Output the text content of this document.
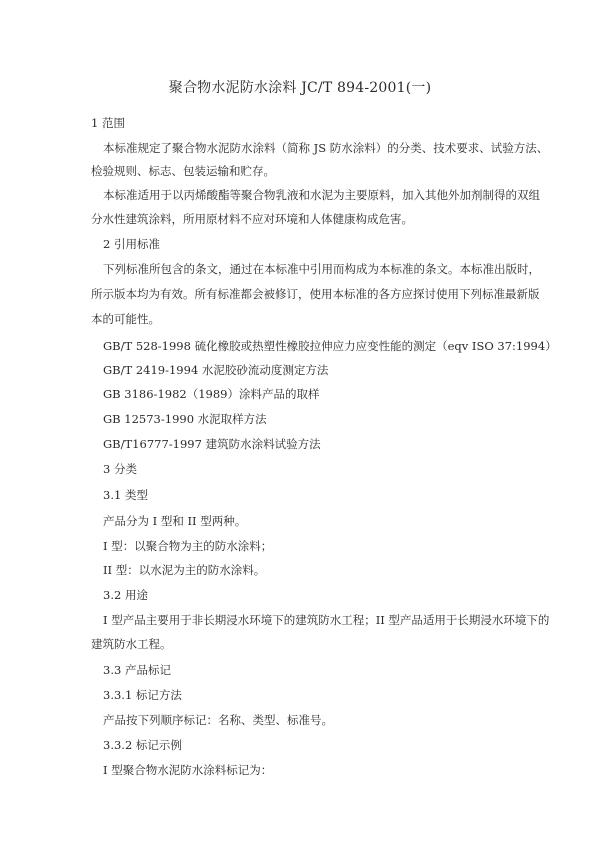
聚合物水泥防水涂料 JC/T 894-2001(一)
1 范围
本标准规定了聚合物水泥防水涂料（简称 JS 防水涂料）的分类、技术要求、试验方法、
检验规则、标志、包装运输和贮存。
本标准适用于以丙烯酸酯等聚合物乳液和水泥为主要原料，加入其他外加剂制得的双组
分水性建筑涂料，所用原材料不应对环境和人体健康构成危害。
2 引用标准
下列标准所包含的条文，通过在本标准中引用而构成为本标准的条文。本标准出版时，
所示版本均为有效。所有标准都会被修订，使用本标准的各方应探讨使用下列标准最新版
本的可能性。
GB/T 528-1998 硫化橡胶或热塑性橡胶拉伸应力应变性能的测定（eqv ISO 37:1994）
GB/T 2419-1994 水泥胶砂流动度测定方法
GB 3186-1982（1989）涂料产品的取样
GB 12573-1990 水泥取样方法
GB/T16777-1997 建筑防水涂料试验方法
3 分类
3.1 类型
产品分为 I 型和 II 型两种。
I 型：以聚合物为主的防水涂料；
II 型：以水泥为主的防水涂料。
3.2 用途
I 型产品主要用于非长期浸水环境下的建筑防水工程；II 型产品适用于长期浸水环境下的
建筑防水工程。
3.3 产品标记
3.3.1 标记方法
产品按下列顺序标记：名称、类型、标准号。
3.3.2 标记示例
I 型聚合物水泥防水涂料标记为：
